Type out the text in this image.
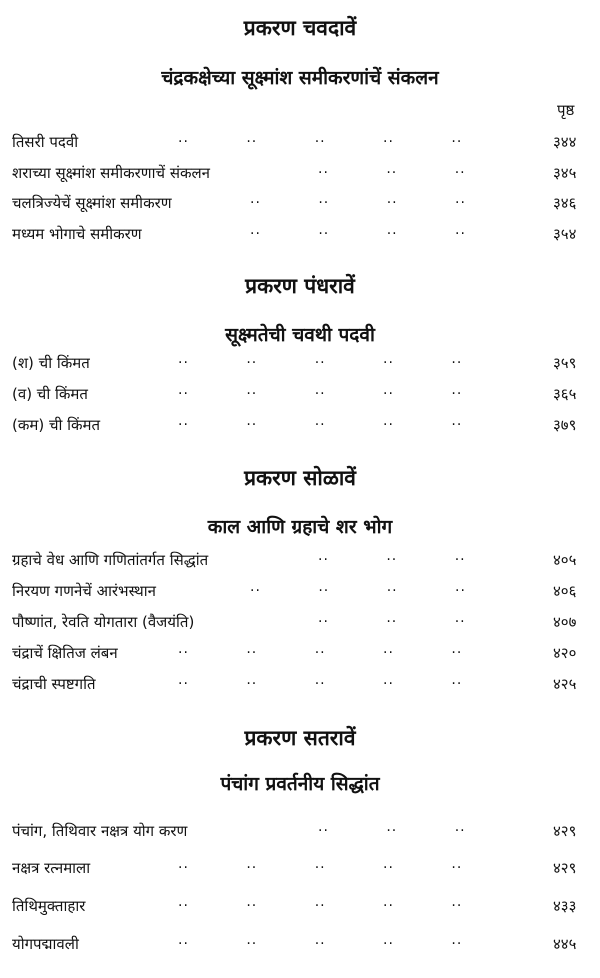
प्रकरण चवदावें
चंद्रकक्षेच्या सूक्ष्मांश समीकरणांचें संकलन
पृष्ठ
तिसरी पदवी	·· ·· ·· ·· ··	३४४
शराच्या सूक्ष्मांश समीकरणाचें संकलन	·· ·· ··	३४५
चलत्रिज्येचें सूक्ष्मांश समीकरण	·· ·· ·· ··	३४६
मध्यम भोगाचे समीकरण	·· ·· ·· ··	३५४
प्रकरण पंधरावें
सूक्ष्मतेची चवथी पदवी
(श) ची किंमत	·· ·· ·· ·· ··	३५९
(व) ची किंमत	·· ·· ·· ·· ··	३६५
(कम) ची किंमत	·· ·· ·· ·· ··	३७९
प्रकरण सोळावें
काल आणि ग्रहाचे शर भोग
ग्रहाचे वेध आणि गणितांतर्गत सिद्धांत	·· ·· ··	४०५
निरयण गणनेचें आरंभस्थान	·· ·· ·· ··	४०६
पौष्णांत, रेवति योगतारा (वैजयंति)	·· ·· ··	४०७
चंद्राचें क्षितिज लंबन	·· ·· ·· ·· ··	४२०
चंद्राची स्पष्टगति	·· ·· ·· ·· ··	४२५
प्रकरण सतरावें
पंचांग प्रवर्तनीय सिद्धांत
पंचांग, तिथिवार नक्षत्र योग करण	·· ·· ··	४२९
नक्षत्र रत्नमाला	·· ·· ·· ·· ··	४२९
तिथिमुक्ताहार	·· ·· ·· ·· ··	४३३
योगपद्मावली	·· ·· ·· ·· ··	४४५
